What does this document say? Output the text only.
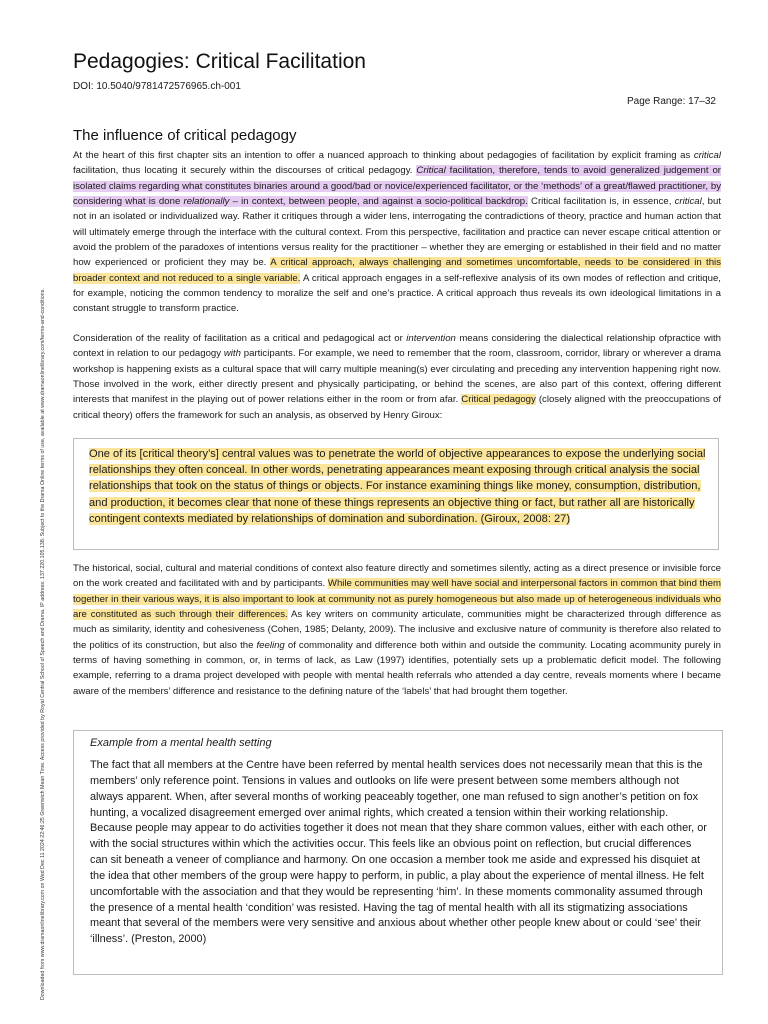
Downloaded from www.dramaonlinelibrary.com on Wed Dec 11 2024 22:46:25 Greenwich Mean Time. Access provided by Royal Central School of Speech and Drama. IP address: 137.220.105.138. Subject to the Drama Online terms of use, available at www.dramaonlinelibrary.com/terms-and-conditions.
Pedagogies: Critical Facilitation
DOI: 10.5040/9781472576965.ch-001
Page Range: 17–32
The influence of critical pedagogy

At the heart of this first chapter sits an intention to offer a nuanced approach to thinking about pedagogies of facilitation by explicit framing as critical facilitation, thus locating it securely within the discourses of critical pedagogy. Critical facilitation, therefore, tends to avoid generalized judgement or isolated claims regarding what constitutes binaries around a good/bad or novice/experienced facilitator, or the ‘methods’ of a great/flawed practitioner, by considering what is done relationally – in context, between people, and against a socio-political backdrop. Critical facilitation is, in essence, critical, but not in an isolated or individualized way. Rather it critiques through a wider lens, interrogating the contradictions of theory, practice and human action that will ultimately emerge through the interface with the cultural context. From this perspective, facilitation and practice can never escape critical attention or avoid the problem of the paradoxes of intentions versus reality for the practitioner – whether they are emerging or established in their field and no matter how experienced or proficient they may be. A critical approach, always challenging and sometimes uncomfortable, needs to be considered in this broader context and not reduced to a single variable. A critical approach engages in a self-reflexive analysis of its own modes of reflection and critique, for example, noticing the common tendency to moralize the self and one’s practice. A critical approach thus reveals its own ideological limitations in a constant struggle to transform practice.

Consideration of the reality of facilitation as a critical and pedagogical act or intervention means considering the dialectical relationship ofpractice with context in relation to our pedagogy with participants. For example, we need to remember that the room, classroom, corridor, library or wherever a drama workshop is happening exists as a cultural space that will carry multiple meaning(s) ever circulating and preceding any intervention happening right now. Those involved in the work, either directly present and physically participating, or behind the scenes, are also part of this context, offering different interests that manifest in the playing out of power relations either in the room or from afar. Critical pedagogy (closely aligned with the preoccupations of critical theory) offers the framework for such an analysis, as observed by Henry Giroux:

One of its [critical theory’s] central values was to penetrate the world of objective appearances to expose the underlying social relationships they often conceal. In other words, penetrating appearances meant exposing through critical analysis the social relationships that took on the status of things or objects. For instance examining things like money, consumption, distribution, and production, it becomes clear that none of these things represents an objective thing or fact, but rather all are historically contingent contexts mediated by relationships of domination and subordination. (Giroux, 2008: 27)

The historical, social, cultural and material conditions of context also feature directly and sometimes silently, acting as a direct presence or invisible force on the work created and facilitated with and by participants. While communities may well have social and interpersonal factors in common that bind them together in their various ways, it is also important to look at community not as purely homogeneous but also made up of heterogeneous individuals who are constituted as such through their differences. As key writers on community articulate, communities might be characterized through difference as much as similarity, identity and cohesiveness (Cohen, 1985; Delanty, 2009). The inclusive and exclusive nature of community is therefore also related to the politics of its construction, but also the feeling of commonality and difference both within and outside the community. Locating acommunity purely in terms of having something in common, or, in terms of lack, as Law (1997) identifies, potentially sets up a problematic deficit model. The following example, referring to a drama project developed with people with mental health referrals who attended a day centre, reveals moments where I became aware of the members’ difference and resistance to the defining nature of the ‘labels’ that had brought them together.

Example from a mental health setting

The fact that all members at the Centre have been referred by mental health services does not necessarily mean that this is the members’ only reference point. Tensions in values and outlooks on life were present between some members although not always apparent. When, after several months of working peaceably together, one man refused to sign another’s petition on fox hunting, a vocalized disagreement emerged over animal rights, which created a tension within their working relationship. Because people may appear to do activities together it does not mean that they share common values, either with each other, or with the social structures within which the activities occur. This feels like an obvious point on reflection, but crucial differences can sit beneath a veneer of compliance and harmony. On one occasion a member took me aside and expressed his disquiet at the idea that other members of the group were happy to perform, in public, a play about the experience of mental illness. He felt uncomfortable with the association and that they would be representing ‘him’. In these moments commonality assumed through the presence of a mental health ‘condition’ was resisted. Having the tag of mental health with all its stigmatizing associations meant that several of the members were very sensitive and anxious about whether other people knew about or could ‘see’ their ‘illness’. (Preston, 2000)
